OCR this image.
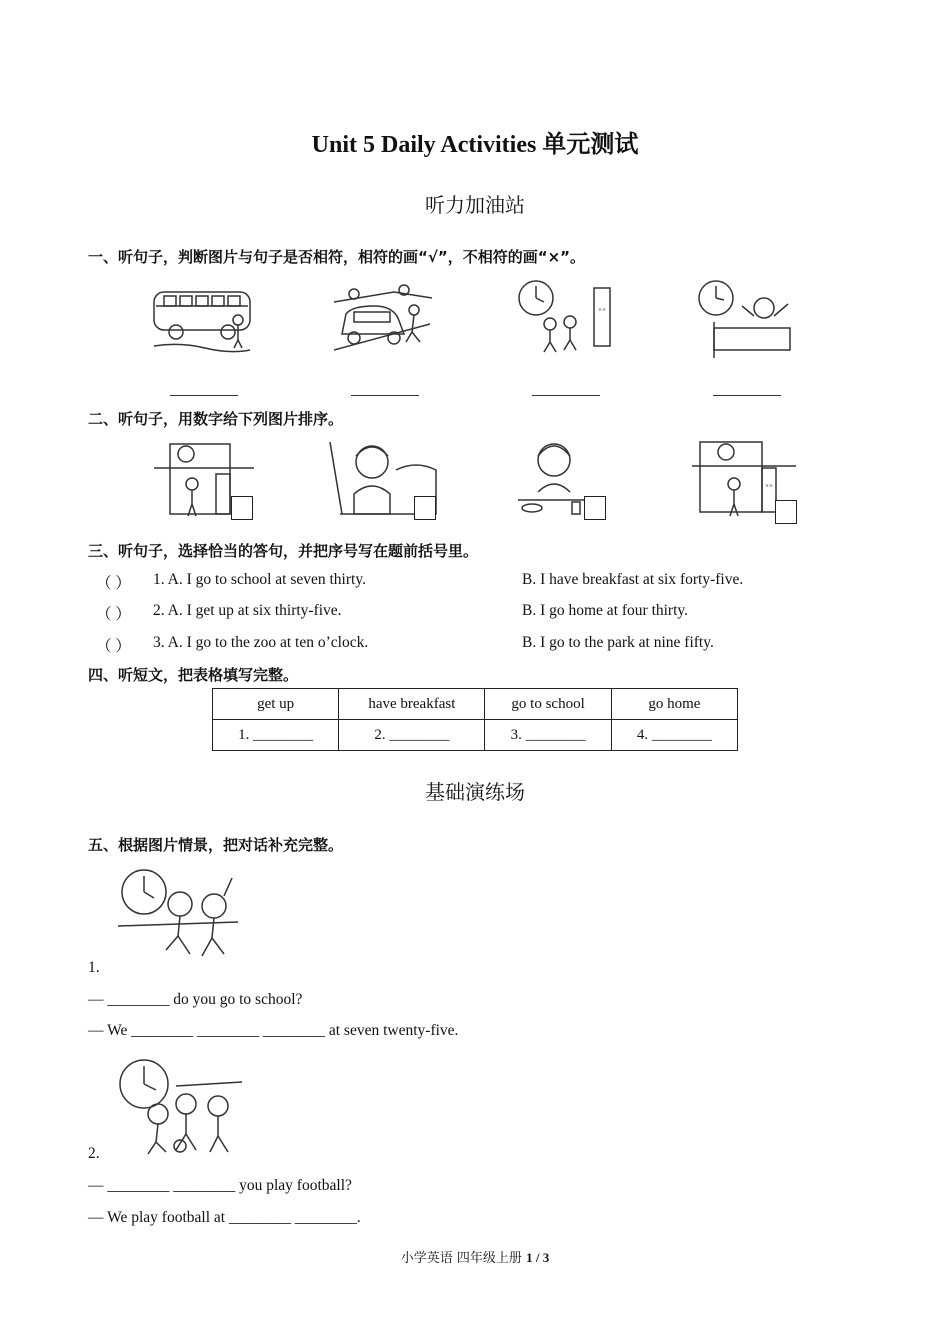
Unit 5 Daily Activities 单元测试
听力加油站
一、听句子，判断图片与句子是否相符，相符的画“√”，不相符的画“×”。
××
二、听句子，用数字给下列图片排序。
××
三、听句子，选择恰当的答句，并把序号写在题前括号里。
（ ） 1. A. I go to school at seven thirty.	B. I have breakfast at six forty-five.
（ ） 2. A. I get up at six thirty-five.	B. I go home at four thirty.
（ ） 3. A. I go to the zoo at ten o’clock.	B. I go to the park at nine fifty.
四、听短文，把表格填写完整。
get up	have breakfast	go to school	go home
1. ________	2. ________	3. ________	4. ________
基础演练场
五、根据图片情景，把对话补充完整。
1.
— ________ do you go to school?
— We ________ ________ ________ at seven twenty-five.
2.
— ________ ________ you play football?
— We play football at ________ ________.
小学英语 四年级上册 1 / 3
